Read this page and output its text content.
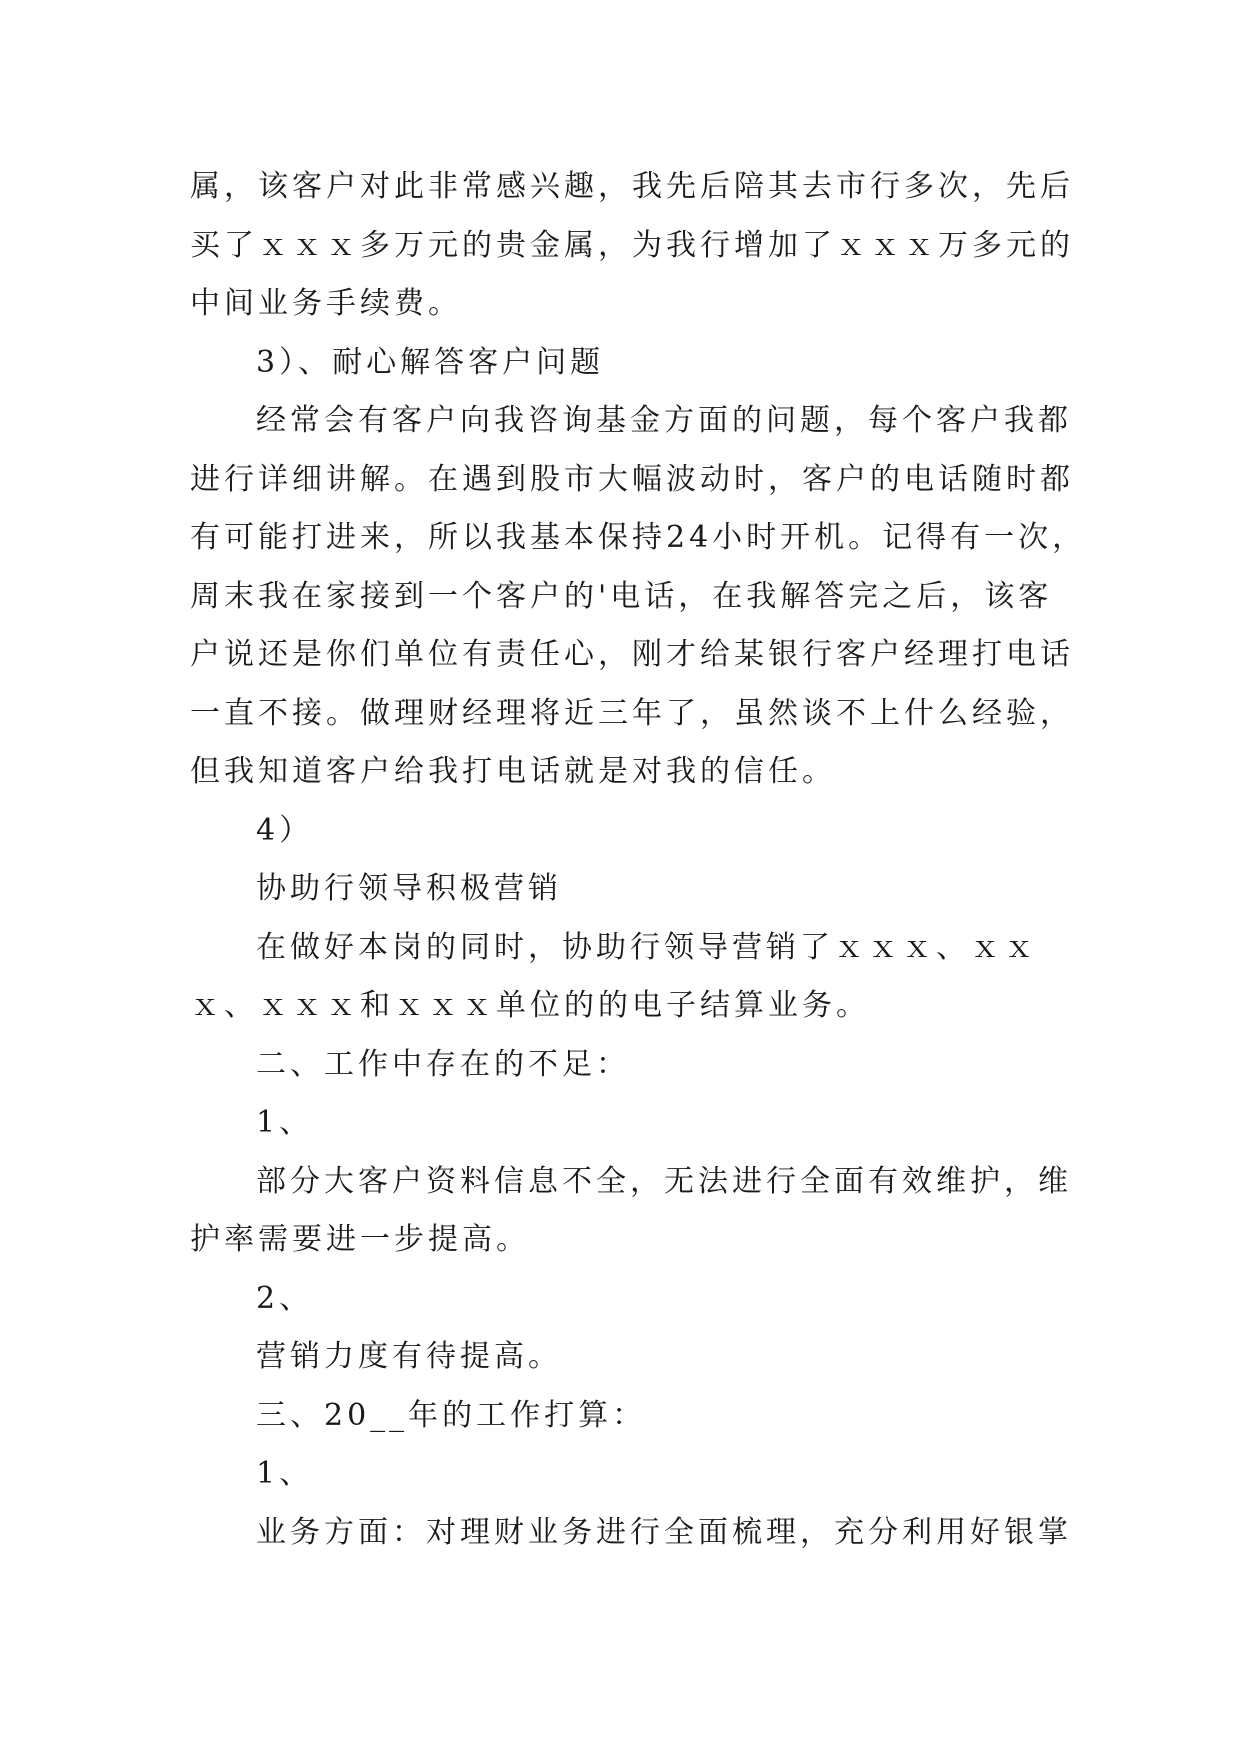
属，该客户对此非常感兴趣，我先后陪其去市行多次，先后
买了ｘｘｘ多万元的贵金属，为我行增加了ｘｘｘ万多元的
中间业务手续费。
3）、耐心解答客户问题
经常会有客户向我咨询基金方面的问题，每个客户我都
进行详细讲解。在遇到股市大幅波动时，客户的电话随时都
有可能打进来，所以我基本保持24小时开机。记得有一次，
周末我在家接到一个客户的'电话，在我解答完之后，该客
户说还是你们单位有责任心，刚才给某银行客户经理打电话
一直不接。做理财经理将近三年了，虽然谈不上什么经验，
但我知道客户给我打电话就是对我的信任。
4）
协助行领导积极营销
在做好本岗的同时，协助行领导营销了ｘｘｘ、ｘｘ
ｘ、ｘｘｘ和ｘｘｘ单位的的电子结算业务。
二、工作中存在的不足：
1、
部分大客户资料信息不全，无法进行全面有效维护，维
护率需要进一步提高。
2、
营销力度有待提高。
三、20__年的工作打算：
1、
业务方面：对理财业务进行全面梳理，充分利用好银掌
